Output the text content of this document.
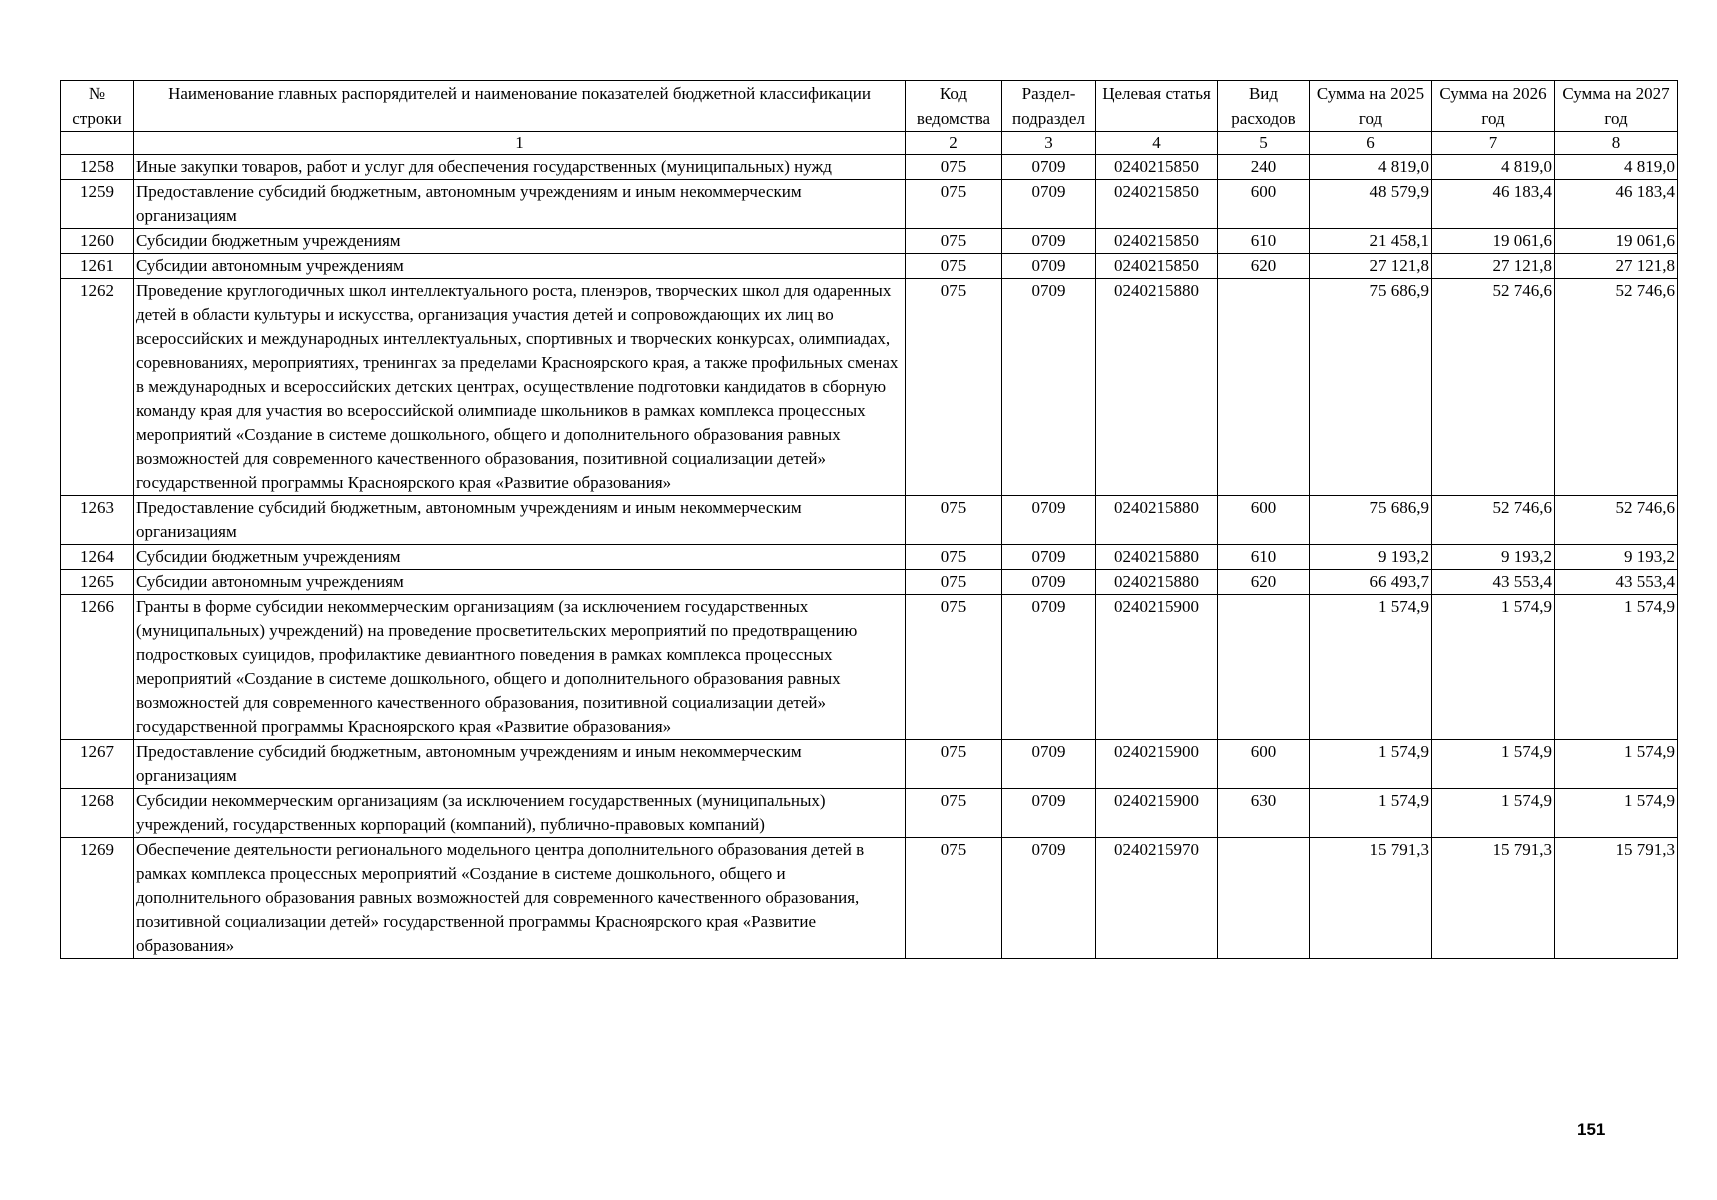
№ строки	Наименование главных распорядителей и наименование показателей бюджетной классификации	Код ведомства	Раздел-подраздел	Целевая статья	Вид расходов	Сумма на 2025 год	Сумма на 2026 год	Сумма на 2027 год
	1	2	3	4	5	6	7	8
1258	Иные закупки товаров, работ и услуг для обеспечения государственных (муниципальных) нужд	075	0709	0240215850	240	4 819,0	4 819,0	4 819,0
1259	Предоставление субсидий бюджетным, автономным учреждениям и иным некоммерческим организациям	075	0709	0240215850	600	48 579,9	46 183,4	46 183,4
1260	Субсидии бюджетным учреждениям	075	0709	0240215850	610	21 458,1	19 061,6	19 061,6
1261	Субсидии автономным учреждениям	075	0709	0240215850	620	27 121,8	27 121,8	27 121,8
1262	Проведение круглогодичных школ интеллектуального роста, пленэров, творческих школ для одаренных детей в области культуры и искусства, организация участия детей и сопровождающих их лиц во всероссийских и международных интеллектуальных, спортивных и творческих конкурсах, олимпиадах, соревнованиях, мероприятиях, тренингах за пределами Красноярского края, а также профильных сменах в международных и всероссийских детских центрах, осуществление подготовки кандидатов в сборную команду края для участия во всероссийской олимпиаде школьников в рамках комплекса процессных мероприятий «Создание в системе дошкольного, общего и дополнительного образования равных возможностей для современного качественного образования, позитивной социализации детей» государственной программы Красноярского края «Развитие образования»	075	0709	0240215880		75 686,9	52 746,6	52 746,6
1263	Предоставление субсидий бюджетным, автономным учреждениям и иным некоммерческим организациям	075	0709	0240215880	600	75 686,9	52 746,6	52 746,6
1264	Субсидии бюджетным учреждениям	075	0709	0240215880	610	9 193,2	9 193,2	9 193,2
1265	Субсидии автономным учреждениям	075	0709	0240215880	620	66 493,7	43 553,4	43 553,4
1266	Гранты в форме субсидии некоммерческим организациям (за исключением государственных (муниципальных) учреждений) на проведение просветительских мероприятий по предотвращению подростковых суицидов, профилактике девиантного поведения в рамках комплекса процессных мероприятий «Создание в системе дошкольного, общего и дополнительного образования равных возможностей для современного качественного образования, позитивной социализации детей» государственной программы Красноярского края «Развитие образования»	075	0709	0240215900		1 574,9	1 574,9	1 574,9
1267	Предоставление субсидий бюджетным, автономным учреждениям и иным некоммерческим организациям	075	0709	0240215900	600	1 574,9	1 574,9	1 574,9
1268	Субсидии некоммерческим организациям (за исключением государственных (муниципальных) учреждений, государственных корпораций (компаний), публично-правовых компаний)	075	0709	0240215900	630	1 574,9	1 574,9	1 574,9
1269	Обеспечение деятельности регионального модельного центра дополнительного образования детей в рамках комплекса процессных мероприятий «Создание в системе дошкольного, общего и дополнительного образования равных возможностей для современного качественного образования, позитивной социализации детей» государственной программы Красноярского края «Развитие образования»	075	0709	0240215970		15 791,3	15 791,3	15 791,3
151
